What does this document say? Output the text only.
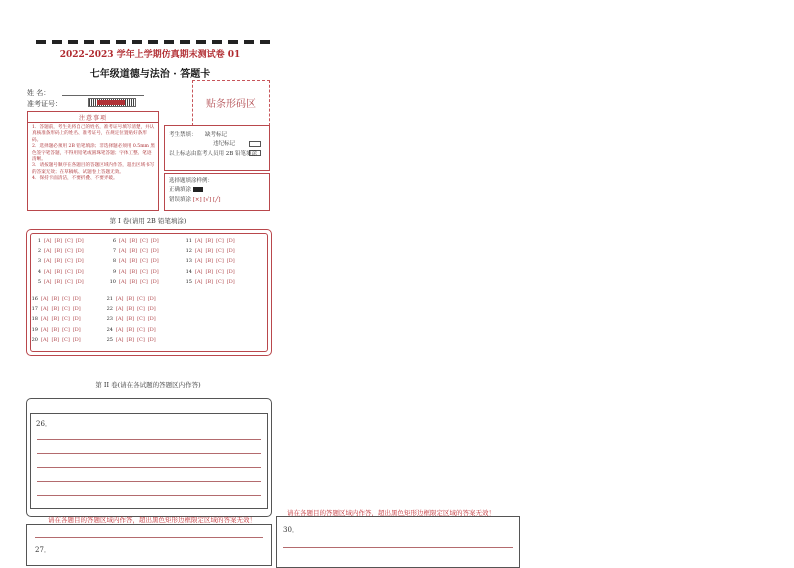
2022-2023 学年上学期仿真期末测试卷 01
七年级道德与法治 · 答题卡
姓 名：
准考证号：	贴条形码区
注意事项
1．答题前，考生先将自己的姓名，准考证号填写清楚，并认真核准条形码上的姓名、准考证号，在规定位置贴好条形码。
2．选择题必须用 2B 铅笔填涂；非选择题必须用 0.5mm 黑色签字笔答题，不得用铅笔或圆珠笔答题；字体工整、笔迹清晰。
3．请按题号顺序在各题目的答题区域内作答，超出区域书写的答案无效；在草稿纸、试题卷上答题无效。
4．保持卡面清洁，不要折叠、不要弄破。
考生禁填： 缺考标记
违纪标记
以上标志由监考人员用 2B 铅笔填涂
选择题填涂样例：
正确填涂
错误填涂 [×] [√] [╱]
第 I 卷(请用 2B 铅笔填涂)
1 [A] [B] [C] [D]
2 [A] [B] [C] [D]
3 [A] [B] [C] [D]
4 [A] [B] [C] [D]
5 [A] [B] [C] [D]
6 [A] [B] [C] [D]
7 [A] [B] [C] [D]
8 [A] [B] [C] [D]
9 [A] [B] [C] [D]
10 [A] [B] [C] [D]
11 [A] [B] [C] [D]
12 [A] [B] [C] [D]
13 [A] [B] [C] [D]
14 [A] [B] [C] [D]
15 [A] [B] [C] [D]
16 [A] [B] [C] [D]
17 [A] [B] [C] [D]
18 [A] [B] [C] [D]
19 [A] [B] [C] [D]
20 [A] [B] [C] [D]
21 [A] [B] [C] [D]
22 [A] [B] [C] [D]
23 [A] [B] [C] [D]
24 [A] [B] [C] [D]
25 [A] [B] [C] [D]
第 II 卷(请在各试题的答题区内作答)
26．
请在各题目的答题区域内作答，超出黑色矩形边框限定区域的答案无效！
27．
请在各题目的答题区域内作答，超出黑色矩形边框限定区域的答案无效！
30．
